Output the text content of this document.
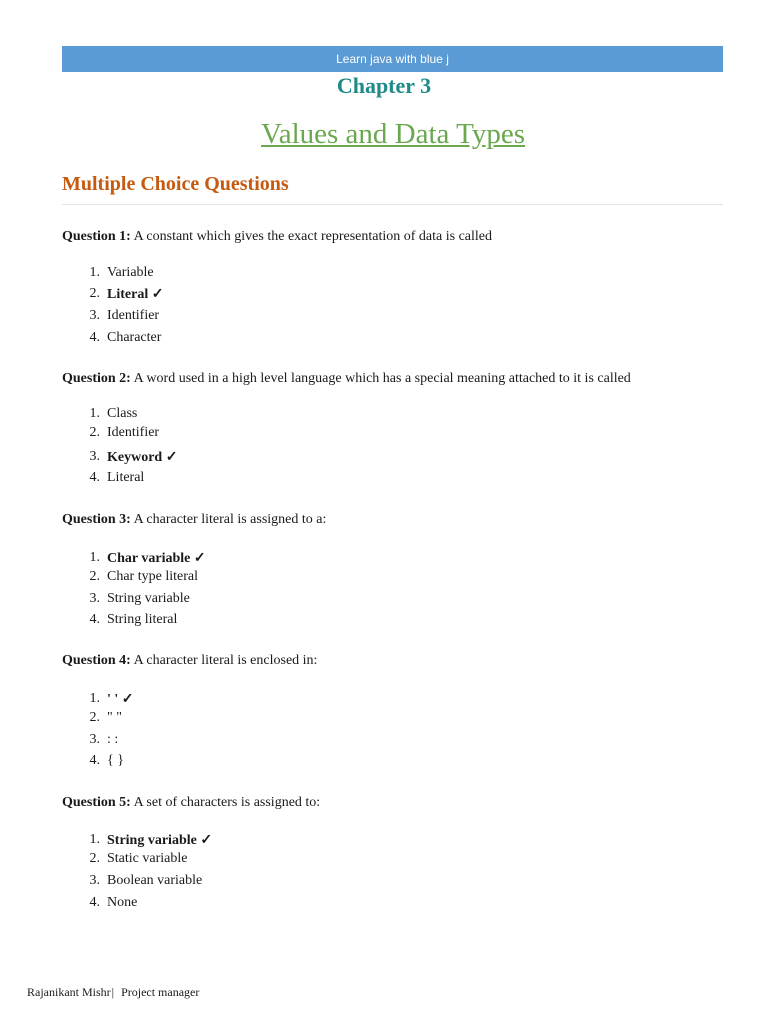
Learn java with blue j
Chapter 3
Values and Data Types
Multiple Choice Questions
Question 1: A constant which gives the exact representation of data is called
1. Variable
2. Literal ✓
3. Identifier
4. Character
Question 2: A word used in a high level language which has a special meaning attached to it is called
1. Class
2. Identifier
3. Keyword ✓
4. Literal
Question 3: A character literal is assigned to a:
1. Char variable ✓
2. Char type literal
3. String variable
4. String literal
Question 4: A character literal is enclosed in:
1. ' ' ✓
2. " "
3. : :
4. { }
Question 5: A set of characters is assigned to:
1. String variable ✓
2. Static variable
3. Boolean variable
4. None
Rajanikant Mishr| Project manager
